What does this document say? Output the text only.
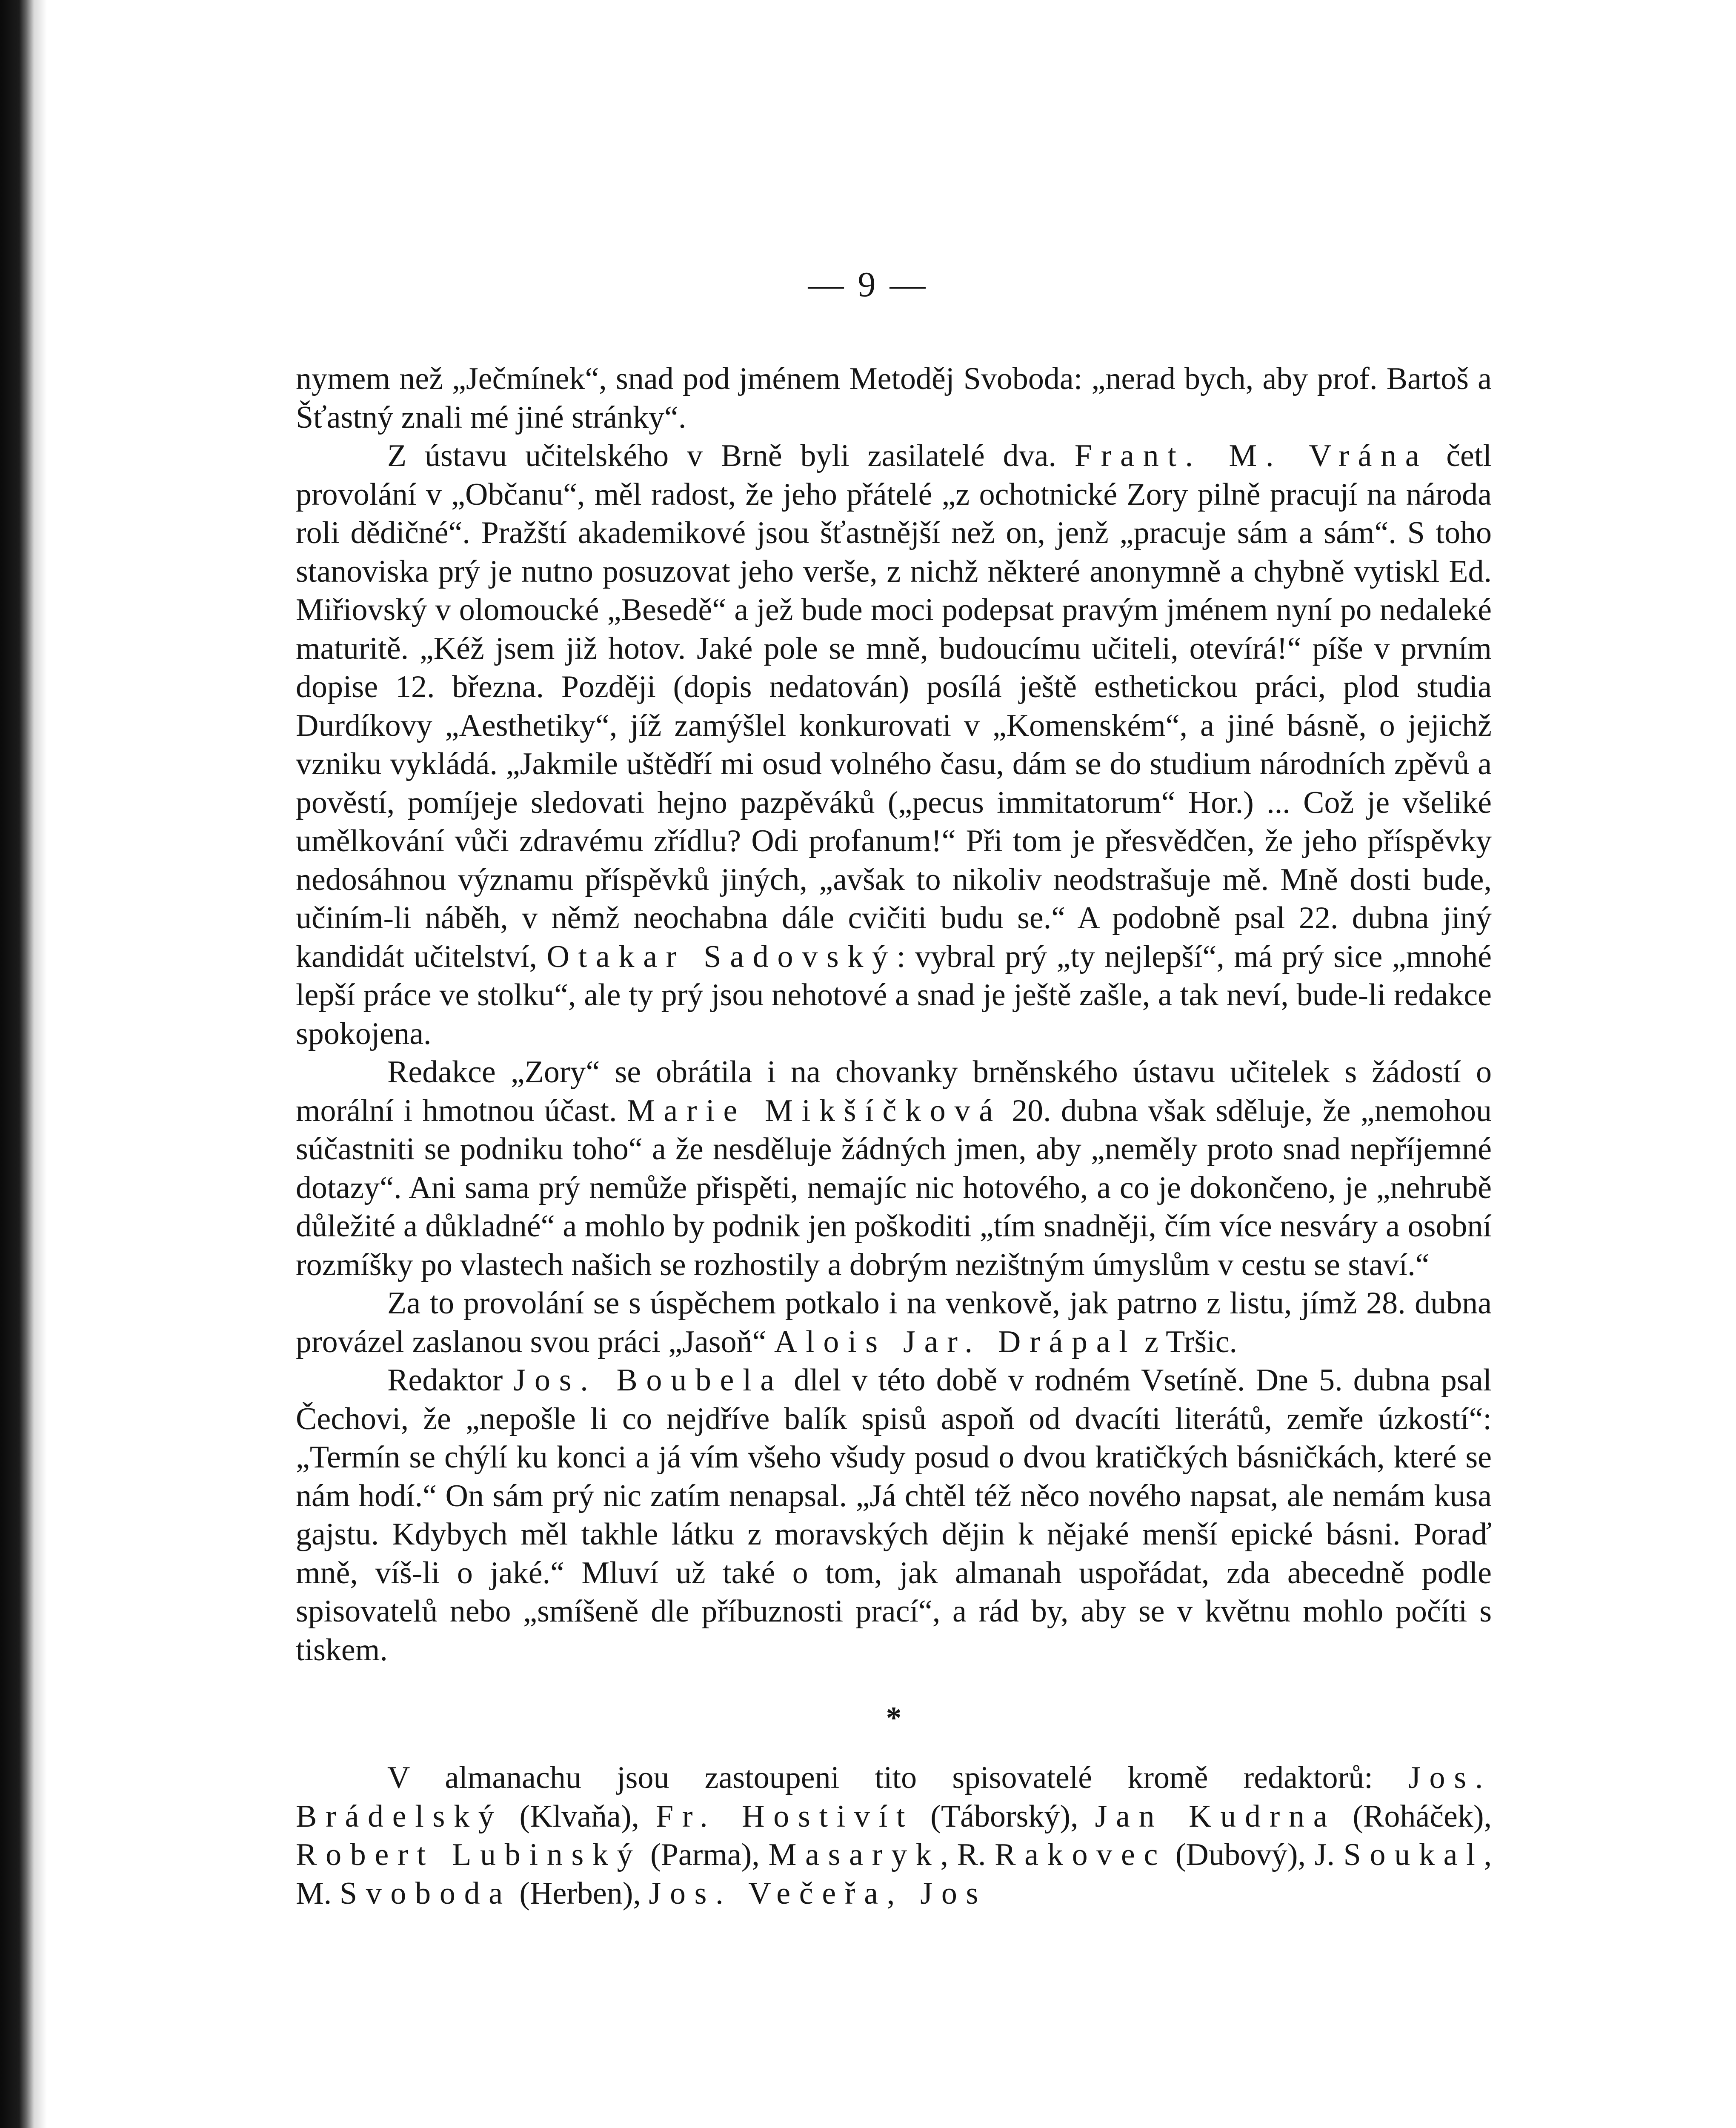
— 9 —

nymem než „Ječmínek“, snad pod jménem Metoděj Svoboda: „nerad bych, aby prof. Bartoš a Šťastný znali mé jiné stránky“.

Z ústavu učitelského v Brně byli zasilatelé dva. Frant. M. Vrána četl provolání v „Občanu“, měl radost, že jeho přátelé „z ochotnické Zory pilně pracují na národa roli dědičné“. Pražští akademikové jsou šťastnější než on, jenž „pracuje sám a sám“. S toho stanoviska prý je nutno posuzovat jeho verše, z nichž některé anonymně a chybně vytiskl Ed. Miřiovský v olomoucké „Besedě“ a jež bude moci podepsat pravým jménem nyní po nedaleké maturitě. „Kéž jsem již hotov. Jaké pole se mně, budoucímu učiteli, otevírá!“ píše v prvním dopise 12. března. Později (dopis nedatován) posílá ještě esthetickou práci, plod studia Durdíkovy „Aesthetiky“, jíž zamýšlel konkurovati v „Komenském“, a jiné básně, o jejichž vzniku vykládá. „Jakmile uštědří mi osud volného času, dám se do studium národních zpěvů a pověstí, pomíjeje sledovati hejno pazpěváků („pecus immitatorum“ Hor.) ... Což je všeliké umělkování vůči zdravému zřídlu? Odi profanum!“ Při tom je přesvědčen, že jeho příspěvky nedosáhnou významu příspěvků jiných, „avšak to nikoliv neodstrašuje mě. Mně dosti bude, učiním-li náběh, v němž neochabna dále cvičiti budu se.“ A podobně psal 22. dubna jiný kandidát učitelství, Otakar Sadovský: vybral prý „ty nejlepší“, má prý sice „mnohé lepší práce ve stolku“, ale ty prý jsou nehotové a snad je ještě zašle, a tak neví, bude-li redakce spokojena.

Redakce „Zory“ se obrátila i na chovanky brněnského ústavu učitelek s žádostí o morální i hmotnou účast. Marie Mikšíčková 20. dubna však sděluje, že „nemohou súčastniti se podniku toho“ a že nesděluje žádných jmen, aby „neměly proto snad nepříjemné dotazy“. Ani sama prý nemůže přispěti, nemajíc nic hotového, a co je dokončeno, je „nehrubě důležité a důkladné“ a mohlo by podnik jen poškoditi „tím snadněji, čím více nesváry a osobní rozmíšky po vlastech našich se rozhostily a dobrým nezištným úmyslům v cestu se staví.“

Za to provolání se s úspěchem potkalo i na venkově, jak patrno z listu, jímž 28. dubna provázel zaslanou svou práci „Jasoň“ Alois Jar. Drápal z Tršic.

Redaktor Jos. Boubela dlel v této době v rodném Vsetíně. Dne 5. dubna psal Čechovi, že „nepošle li co nejdříve balík spisů aspoň od dvacíti literátů, zemře úzkostí“: „Termín se chýlí ku konci a já vím všeho všudy posud o dvou kratičkých básničkách, které se nám hodí.“ On sám prý nic zatím nenapsal. „Já chtěl též něco nového napsat, ale nemám kusa gajstu. Kdybych měl takhle látku z moravských dějin k nějaké menší epické básni. Poraď mně, víš-li o jaké.“ Mluví už také o tom, jak almanah uspořádat, zda abecedně podle spisovatelů nebo „smíšeně dle příbuznosti prací“, a rád by, aby se v květnu mohlo počíti s tiskem.

*

V almanachu jsou zastoupeni tito spisovatelé kromě redaktorů: Jos. Brádelský (Klvaňa), Fr. Hostivít (Táborský), Jan Kudrna (Roháček), Robert Lubinský (Parma), Masaryk, R. Rakovec (Dubový), J. Soukal, M. Svoboda (Herben), Jos. Večeřa, Jos
